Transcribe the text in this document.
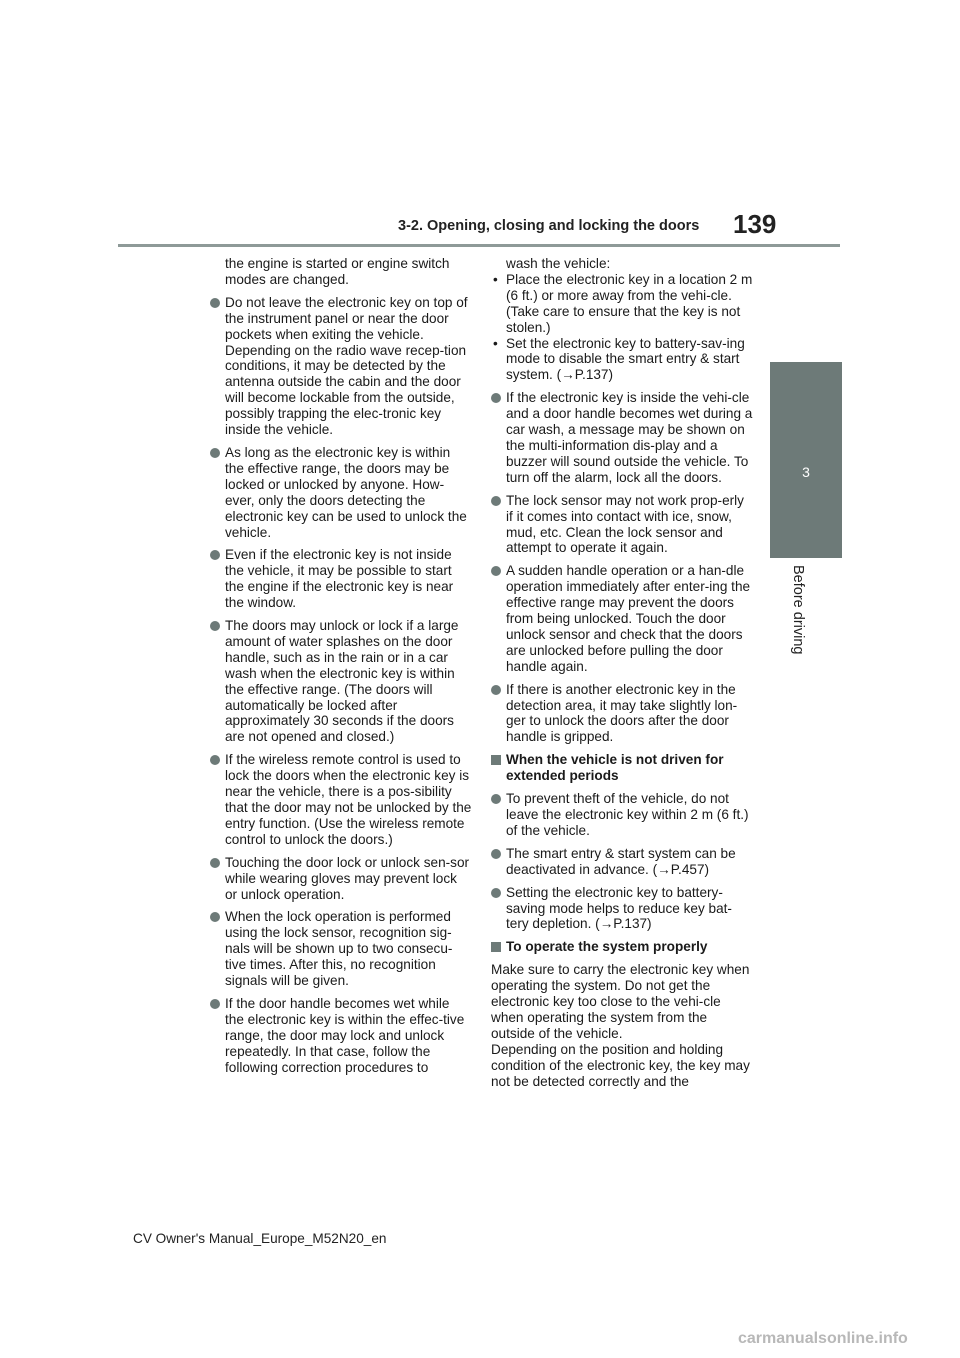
3-2. Opening, closing and locking the doors 139
3
Before driving
the engine is started or engine switch modes are changed.
Do not leave the electronic key on top of the instrument panel or near the door pockets when exiting the vehicle. Depending on the radio wave recep-tion conditions, it may be detected by the antenna outside the cabin and the door will become lockable from the outside, possibly trapping the elec-tronic key inside the vehicle.
As long as the electronic key is within the effective range, the doors may be locked or unlocked by anyone. How-ever, only the doors detecting the electronic key can be used to unlock the vehicle.
Even if the electronic key is not inside the vehicle, it may be possible to start the engine if the electronic key is near the window.
The doors may unlock or lock if a large amount of water splashes on the door handle, such as in the rain or in a car wash when the electronic key is within the effective range. (The doors will automatically be locked after approximately 30 seconds if the doors are not opened and closed.)
If the wireless remote control is used to lock the doors when the electronic key is near the vehicle, there is a pos-sibility that the door may not be unlocked by the entry function. (Use the wireless remote control to unlock the doors.)
Touching the door lock or unlock sen-sor while wearing gloves may prevent lock or unlock operation.
When the lock operation is performed using the lock sensor, recognition sig-nals will be shown up to two consecu-tive times. After this, no recognition signals will be given.
If the door handle becomes wet while the electronic key is within the effec-tive range, the door may lock and unlock repeatedly. In that case, follow the following correction procedures to
wash the vehicle:
• Place the electronic key in a location 2 m (6 ft.) or more away from the vehi-cle. (Take care to ensure that the key is not stolen.)
• Set the electronic key to battery-sav-ing mode to disable the smart entry & start system. (→P.137)
If the electronic key is inside the vehi-cle and a door handle becomes wet during a car wash, a message may be shown on the multi-information dis-play and a buzzer will sound outside the vehicle. To turn off the alarm, lock all the doors.
The lock sensor may not work prop-erly if it comes into contact with ice, snow, mud, etc. Clean the lock sensor and attempt to operate it again.
A sudden handle operation or a han-dle operation immediately after enter-ing the effective range may prevent the doors from being unlocked. Touch the door unlock sensor and check that the doors are unlocked before pulling the door handle again.
If there is another electronic key in the detection area, it may take slightly lon-ger to unlock the doors after the door handle is gripped.
When the vehicle is not driven for extended periods
To prevent theft of the vehicle, do not leave the electronic key within 2 m (6 ft.) of the vehicle.
The smart entry & start system can be deactivated in advance. (→P.457)
Setting the electronic key to battery-saving mode helps to reduce key bat-tery depletion. (→P.137)
To operate the system properly
Make sure to carry the electronic key when operating the system. Do not get the electronic key too close to the vehi-cle when operating the system from the outside of the vehicle.
Depending on the position and holding condition of the electronic key, the key may not be detected correctly and the
CV Owner's Manual_Europe_M52N20_en
carmanualsonline.info
